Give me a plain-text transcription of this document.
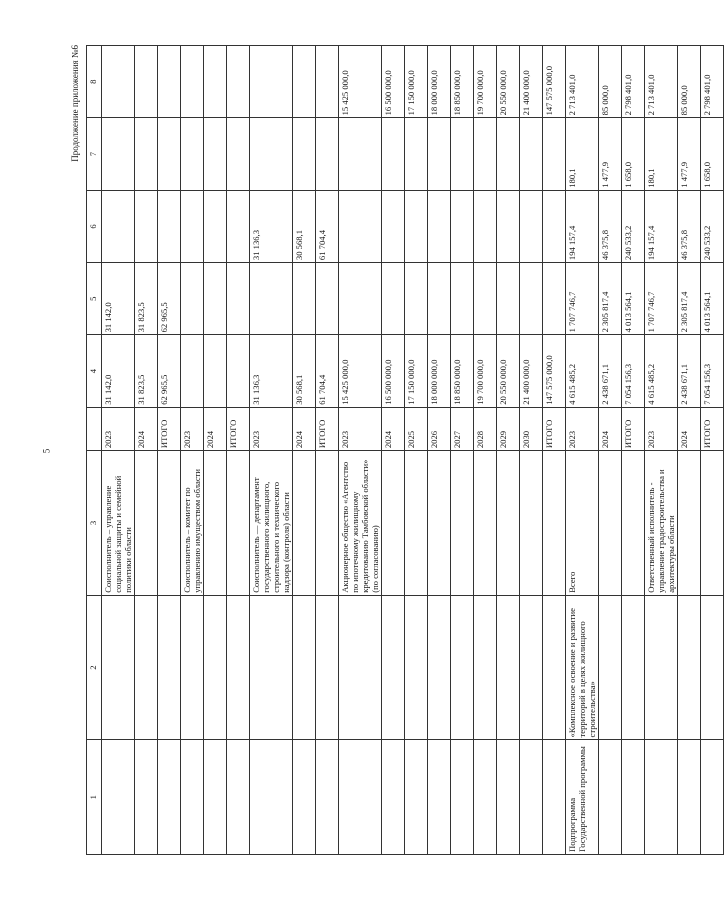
5
Продолжение приложения №6
1	2	3		4	5	6	7	8
		Соисполнитель – управление социальной защиты и семейной политики области	2023	31 142,0	31 142,0			
			2024	31 823,5	31 823,5			
			ИТОГО	62 965,5	62 965,5			
		Соисполнитель – комитет по управлению имуществом области	2023					
			2024					
			ИТОГО					
		Соисполнитель — департамент государственного жилищного, строительного и технического надзора (контроля) области	2023	31 136,3		31 136,3		
			2024	30 568,1		30 568,1		
			ИТОГО	61 704,4		61 704,4		
		Акционерное общество «Агентство по ипотечному жилищному кредитованию Тамбовской области» (по согласованию)	2023	15 425 000,0				15 425 000,0
			2024	16 500 000,0				16 500 000,0
			2025	17 150 000,0				17 150 000,0
			2026	18 000 000,0				18 000 000,0
			2027	18 850 000,0				18 850 000,0
			2028	19 700 000,0				19 700 000,0
			2029	20 550 000,0				20 550 000,0
			2030	21 400 000,0				21 400 000,0
			ИТОГО	147 575 000,0				147 575 000,0
Подпрограмма Государственной программы	«Комплексное освоение и развитие территорий в целях жилищного строительства»	Всего	2023	4 615 485,2	1 707 746,7	194 157,4	180,1	2 713 401,0
			2024	2 438 671,1	2 305 817,4	46 375,8	1 477,9	85 000,0
			ИТОГО	7 054 156,3	4 013 564,1	240 533,2	1 658,0	2 798 401,0
		Ответственный исполнитель - управление градостроительства и архитектуры области	2023	4 615 485,2	1 707 746,7	194 157,4	180,1	2 713 401,0
			2024	2 438 671,1	2 305 817,4	46 375,8	1 477,9	85 000,0
			ИТОГО	7 054 156,3	4 013 564,1	240 533,2	1 658,0	2 798 401,0
